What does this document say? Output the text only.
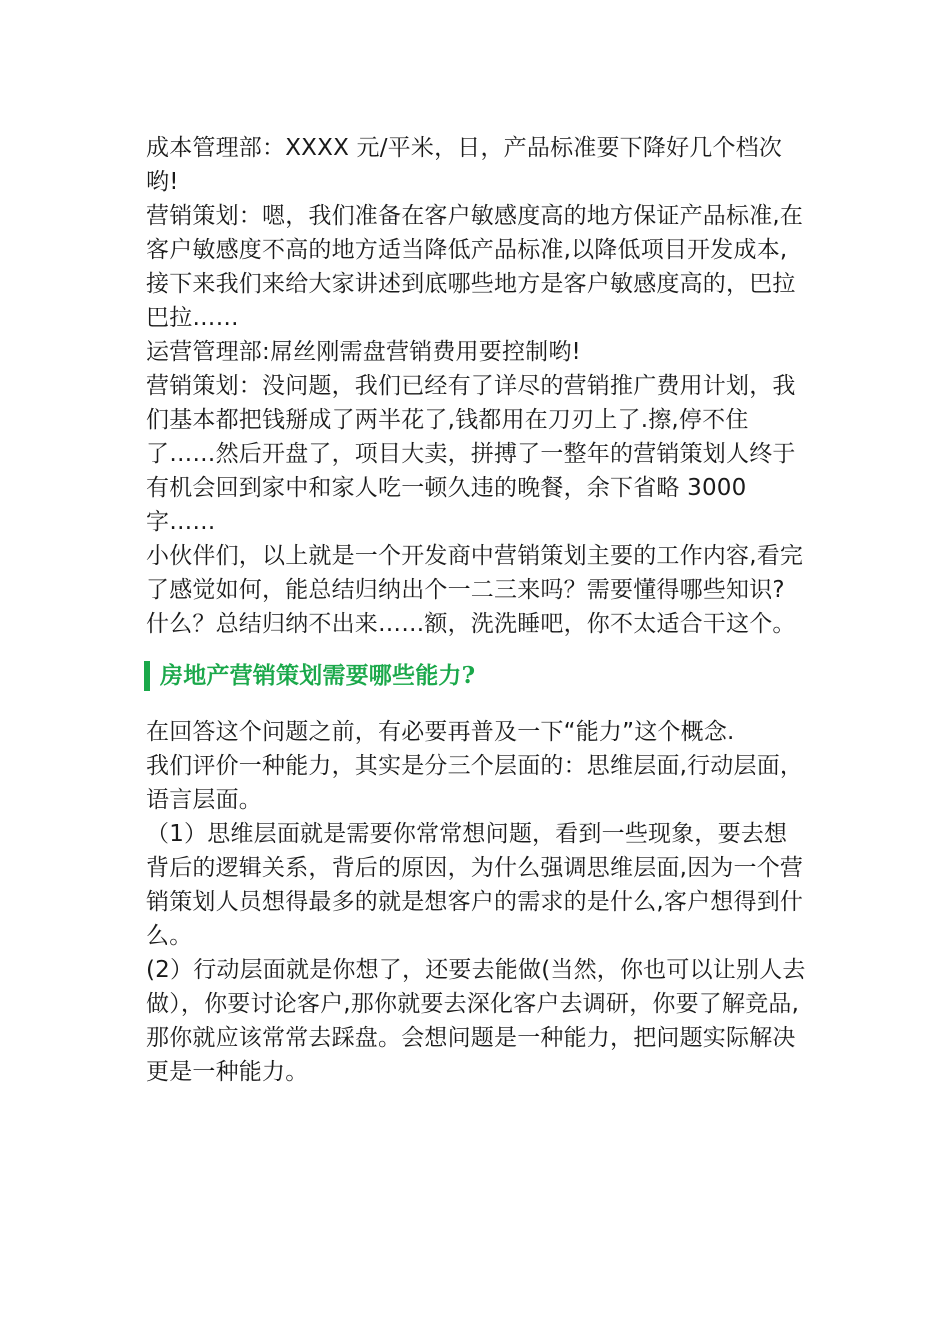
成本管理部：XXXX 元/平米，日，产品标准要下降好几个档次哟!

营销策划：嗯，我们准备在客户敏感度高的地方保证产品标准,在客户敏感度不高的地方适当降低产品标准,以降低项目开发成本,接下来我们来给大家讲述到底哪些地方是客户敏感度高的，巴拉巴拉……

运营管理部:屌丝刚需盘营销费用要控制哟!

营销策划：没问题，我们已经有了详尽的营销推广费用计划，我们基本都把钱掰成了两半花了,钱都用在刀刃上了.擦,停不住了……然后开盘了，项目大卖，拼搏了一整年的营销策划人终于有机会回到家中和家人吃一顿久违的晚餐，余下省略 3000 字……

小伙伴们，以上就是一个开发商中营销策划主要的工作内容,看完了感觉如何，能总结归纳出个一二三来吗？需要懂得哪些知识?

什么？总结归纳不出来……额，洗洗睡吧，你不太适合干这个。

房地产营销策划需要哪些能力?

在回答这个问题之前，有必要再普及一下“能力”这个概念.

我们评价一种能力，其实是分三个层面的：思维层面,行动层面，语言层面。

（1）思维层面就是需要你常常想问题，看到一些现象，要去想背后的逻辑关系，背后的原因，为什么强调思维层面,因为一个营销策划人员想得最多的就是想客户的需求的是什么,客户想得到什么。

(2）行动层面就是你想了，还要去能做(当然，你也可以让别人去做），你要讨论客户,那你就要去深化客户去调研，你要了解竞品,那你就应该常常去踩盘。会想问题是一种能力，把问题实际解决更是一种能力。
